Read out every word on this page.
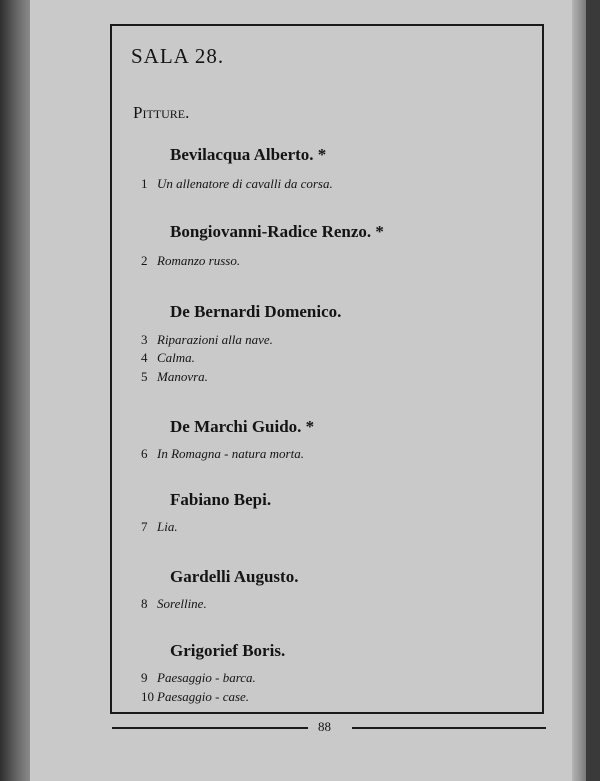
SALA 28.
Pitture.
Bevilacqua Alberto. *
1 Un allenatore di cavalli da corsa.
Bongiovanni-Radice Renzo. *
2 Romanzo russo.
De Bernardi Domenico.
3 Riparazioni alla nave.
4 Calma.
5 Manovra.
De Marchi Guido. *
6 In Romagna - natura morta.
Fabiano Bepi.
7 Lia.
Gardelli Augusto.
8 Sorelline.
Grigorief Boris.
9 Paesaggio - barca.
10 Paesaggio - case.
88
